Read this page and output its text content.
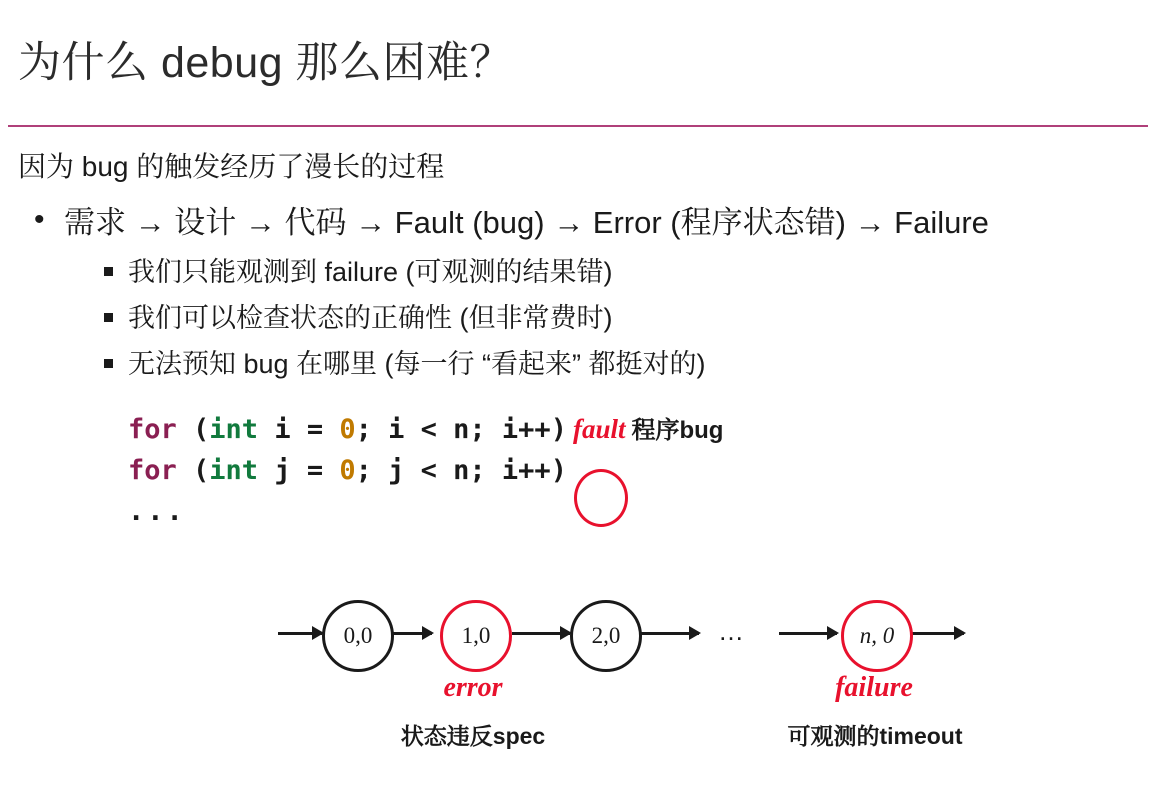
为什么 debug 那么困难？
因为 bug 的触发经历了漫长的过程
• 需求 → 设计 → 代码 → Fault (bug) → Error (程序状态错) → Failure
我们只能观测到 failure (可观测的结果错)
我们可以检查状态的正确性 (但非常费时)
无法预知 bug 在哪里 (每一行 “看起来” 都挺对的)
for (int i = 0; i < n; i++) fault 程序bug
for (int j = 0; j < n; i++)
...
0,0	1,0	2,0	n, 0
…
error
状态违反spec
failure
可观测的timeout
